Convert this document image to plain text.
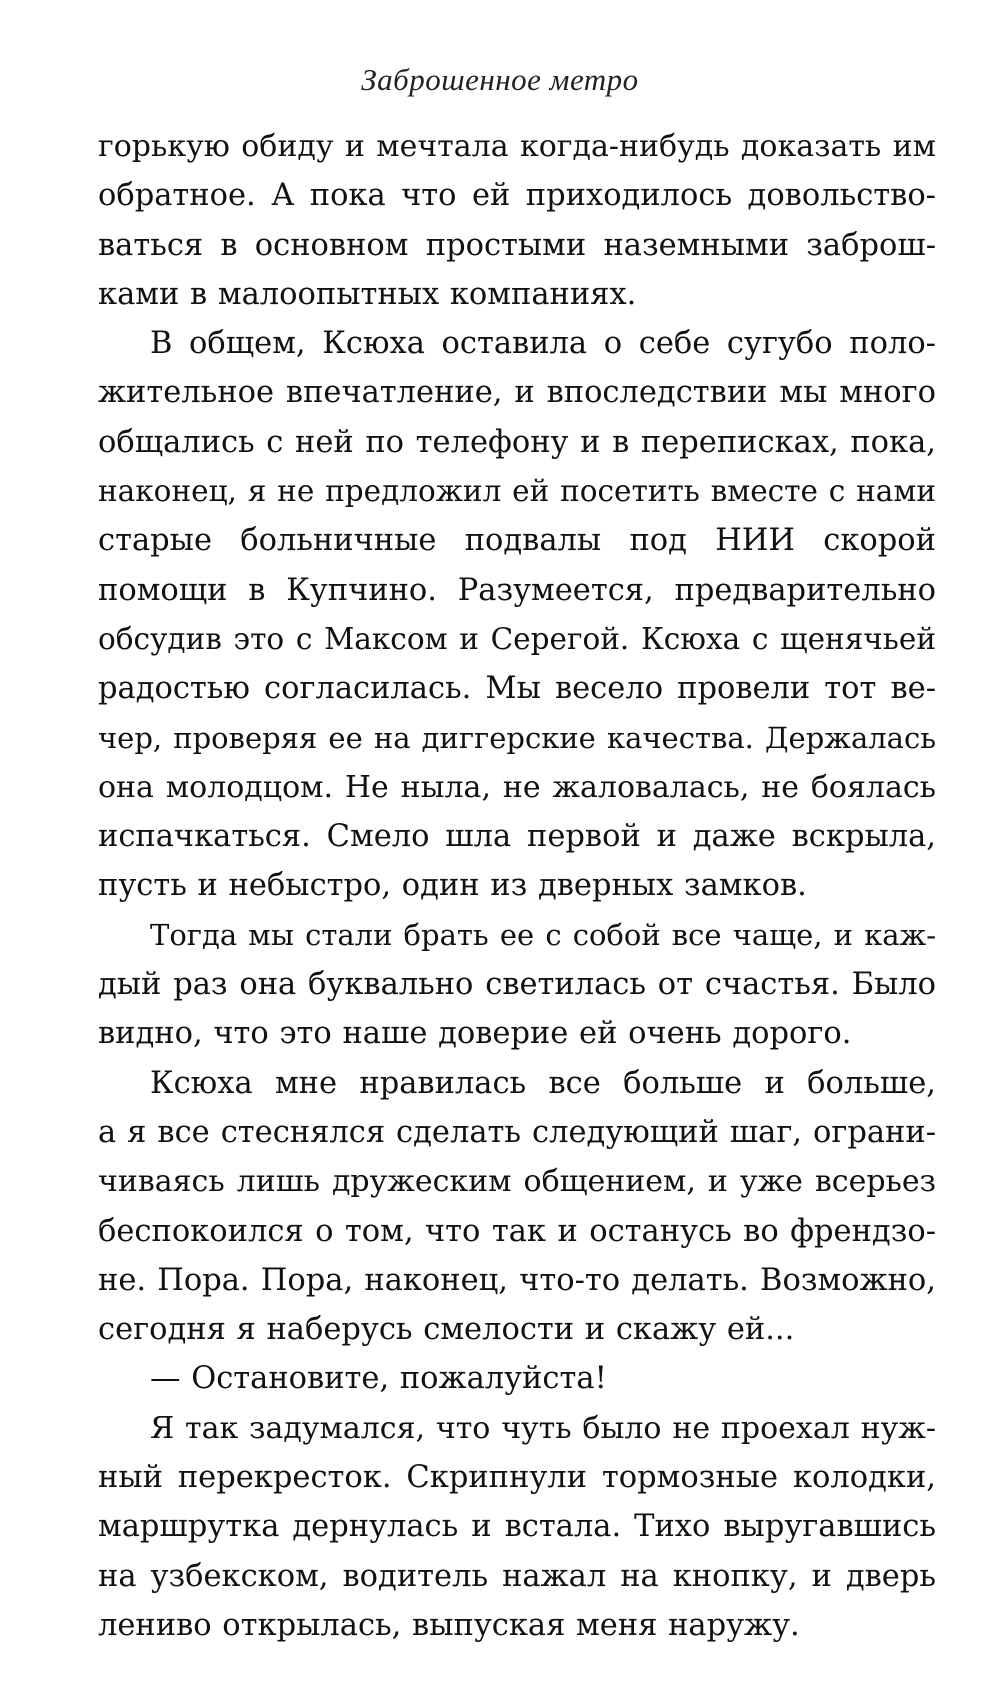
Заброшенное метро
горькую обиду и мечтала когда-нибудь доказать им
обратное. А пока что ей приходилось довольство-
ваться в основном простыми наземными заброш-
ками в малоопытных компаниях.
В общем, Ксюха оставила о себе сугубо поло-
жительное впечатление, и впоследствии мы много
общались с ней по телефону и в переписках, пока,
наконец, я не предложил ей посетить вместе с нами
старые больничные подвалы под НИИ скорой
помощи в Купчино. Разумеется, предварительно
обсудив это с Максом и Серегой. Ксюха с щенячьей
радостью согласилась. Мы весело провели тот ве-
чер, проверяя ее на диггерские качества. Держалась
она молодцом. Не ныла, не жаловалась, не боялась
испачкаться. Смело шла первой и даже вскрыла,
пусть и небыстро, один из дверных замков.
Тогда мы стали брать ее с собой все чаще, и каж-
дый раз она буквально светилась от счастья. Было
видно, что это наше доверие ей очень дорого.
Ксюха мне нравилась все больше и больше,
а я все стеснялся сделать следующий шаг, ограни-
чиваясь лишь дружеским общением, и уже всерьез
беспокоился о том, что так и останусь во френдзо-
не. Пора. Пора, наконец, что-то делать. Возможно,
сегодня я наберусь смелости и скажу ей...
— Остановите, пожалуйста!
Я так задумался, что чуть было не проехал нуж-
ный перекресток. Скрипнули тормозные колодки,
маршрутка дернулась и встала. Тихо выругавшись
на узбекском, водитель нажал на кнопку, и дверь
лениво открылась, выпуская меня наружу.
